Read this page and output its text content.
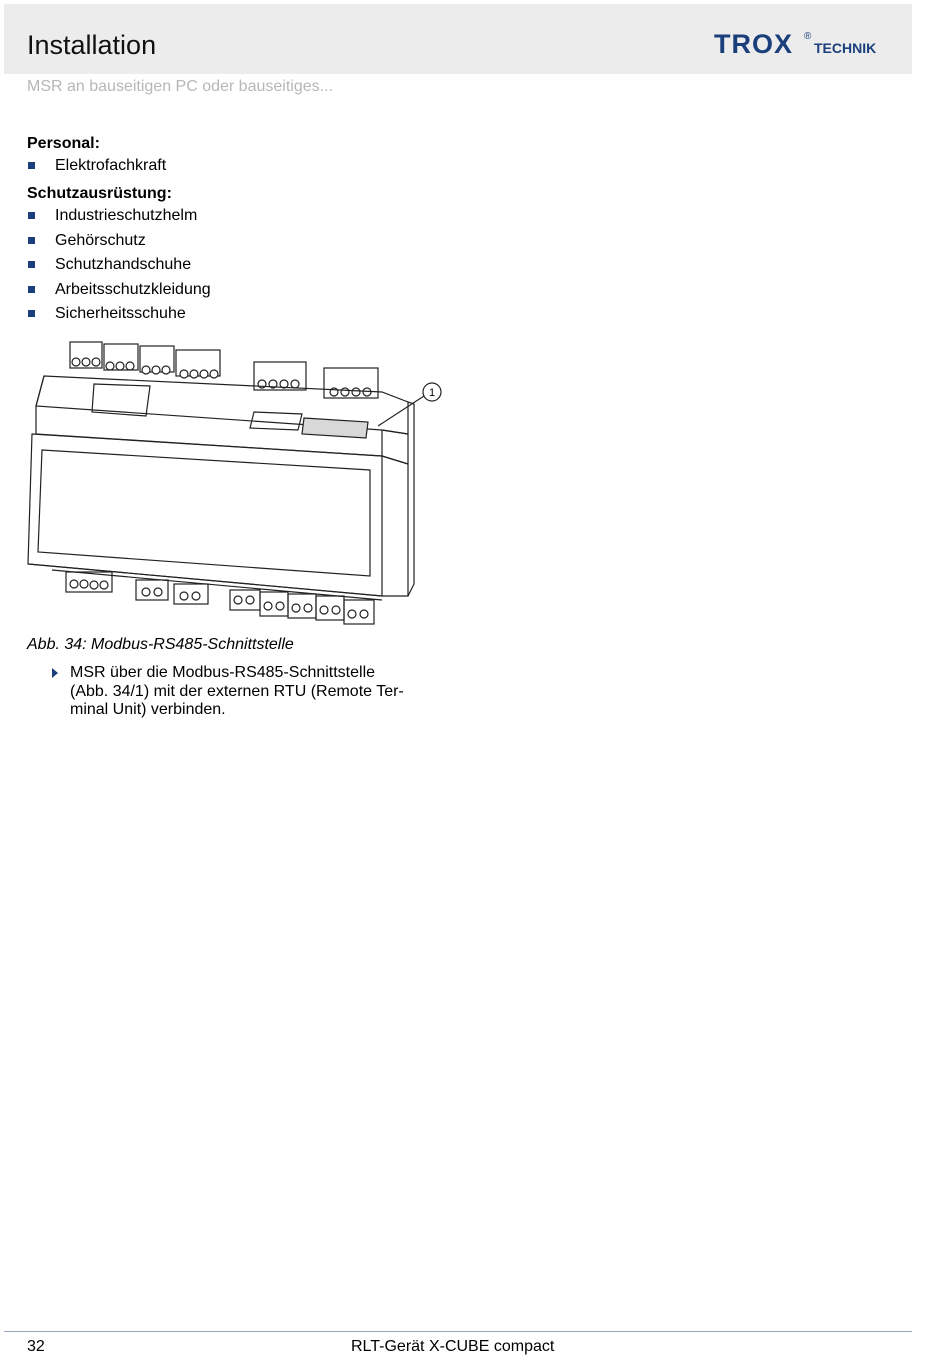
Installation	TROX ®
TECHNIK
MSR an bauseitigen PC oder bauseitiges...
Personal:
Elektrofachkraft
Schutzausrüstung:
Industrieschutzhelm
Gehörschutz
Schutzhandschuhe
Arbeitsschutzkleidung
Sicherheitsschuhe
1
Abb. 34: Modbus-RS485-Schnittstelle
MSR über die Modbus-RS485-Schnittstelle
(Abb. 34/1) mit der externen RTU (Remote Ter-
minal Unit) verbinden.
32	RLT-Gerät X-CUBE compact
